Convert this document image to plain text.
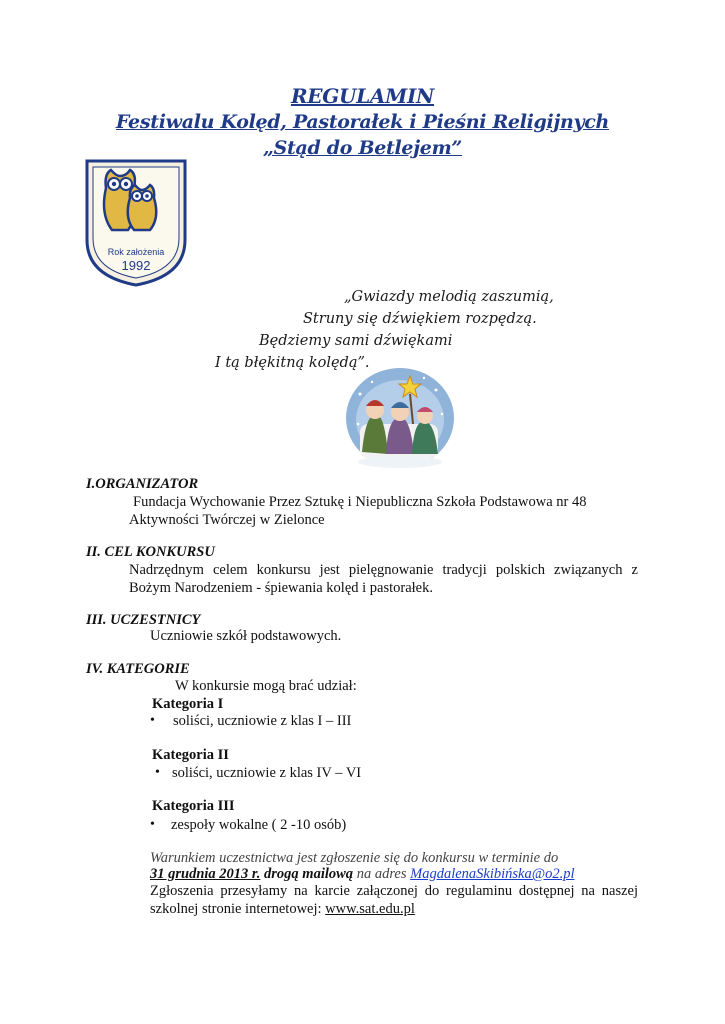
REGULAMIN
Festiwalu Kolęd, Pastorałek i Pieśni Religijnych
„Stąd do Betlejem”
Rok założenia
1992
„Gwiazdy melodią zaszumią,
Struny się dźwiękiem rozpędzą.
Będziemy sami dźwiękami
I tą błękitną kolędą”.
I.ORGANIZATOR
Fundacja Wychowanie Przez Sztukę i Niepubliczna Szkoła Podstawowa nr 48
Aktywności Twórczej w Zielonce
II. CEL KONKURSU
Nadrzędnym celem konkursu jest pielęgnowanie tradycji polskich związanych z
Bożym Narodzeniem - śpiewania kolęd i pastorałek.
III. UCZESTNICY
Uczniowie szkół podstawowych.
IV. KATEGORIE
W konkursie mogą brać udział:
Kategoria I
• soliści, uczniowie z klas I – III
Kategoria II
• soliści, uczniowie z klas IV – VI
Kategoria III
• zespoły wokalne ( 2 -10 osób)
Warunkiem uczestnictwa jest zgłoszenie się do konkursu w terminie do
31 grudnia 2013 r. drogą mailową na adres MagdalenaSkibińska@o2.pl
Zgłoszenia przesyłamy na karcie załączonej do regulaminu dostępnej na naszej
szkolnej stronie internetowej: www.sat.edu.pl
